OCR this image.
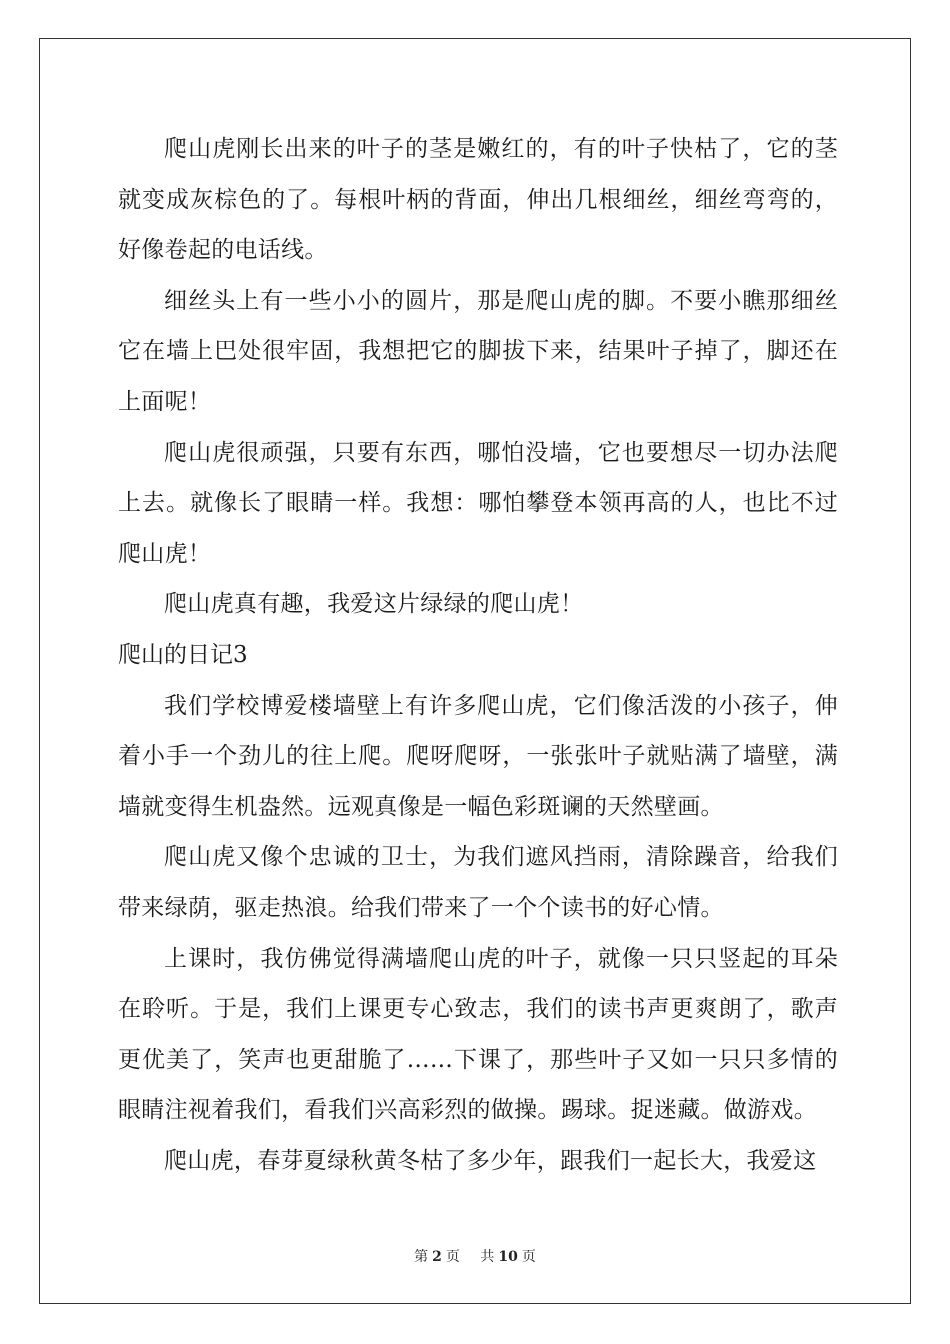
爬山虎刚长出来的叶子的茎是嫩红的，有的叶子快枯了，它的茎就变成灰棕色的了。每根叶柄的背面，伸出几根细丝，细丝弯弯的，好像卷起的电话线。

细丝头上有一些小小的圆片，那是爬山虎的脚。不要小瞧那细丝它在墙上巴处很牢固，我想把它的脚拔下来，结果叶子掉了，脚还在上面呢！

爬山虎很顽强，只要有东西，哪怕没墙，它也要想尽一切办法爬上去。就像长了眼睛一样。我想：哪怕攀登本领再高的人，也比不过爬山虎！

爬山虎真有趣，我爱这片绿绿的爬山虎！

爬山的日记3

我们学校博爱楼墙壁上有许多爬山虎，它们像活泼的小孩子，伸着小手一个劲儿的往上爬。爬呀爬呀，一张张叶子就贴满了墙壁，满墙就变得生机盎然。远观真像是一幅色彩斑谰的天然壁画。

爬山虎又像个忠诚的卫士，为我们遮风挡雨，清除躁音，给我们带来绿荫，驱走热浪。给我们带来了一个个读书的好心情。

上课时，我仿佛觉得满墙爬山虎的叶子，就像一只只竖起的耳朵在聆听。于是，我们上课更专心致志，我们的读书声更爽朗了，歌声更优美了，笑声也更甜脆了……下课了，那些叶子又如一只只多情的眼睛注视着我们，看我们兴高彩烈的做操。踢球。捉迷藏。做游戏。

爬山虎，春芽夏绿秋黄冬枯了多少年，跟我们一起长大，我爱这

第 2 页 共 10 页
